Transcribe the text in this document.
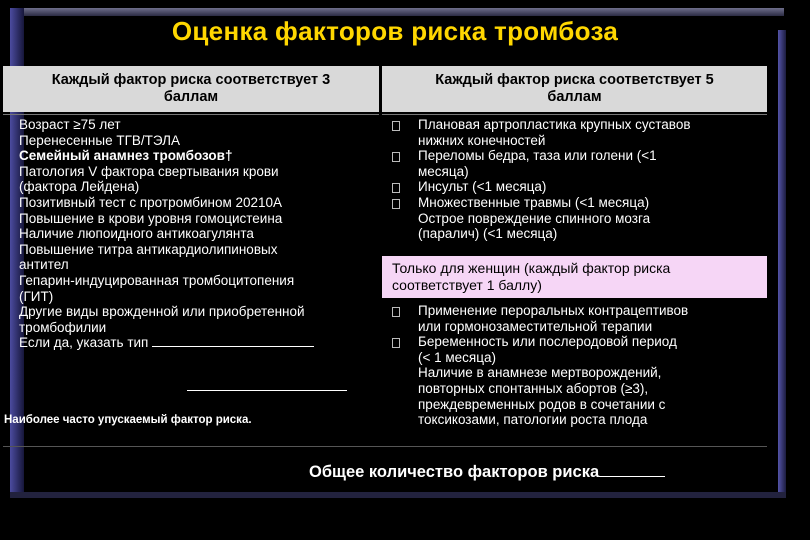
Оценка факторов риска тромбоза
Каждый фактор риска соответствует 3 баллам
Каждый фактор риска соответствует 5 баллам
Возраст ≥75 лет
Перенесенные ТГВ/ТЭЛА
Семейный анамнез тромбозов†
Патология V фактора свертывания крови
(фактора Лейдена)
Позитивный тест с протромбином 20210А
Повышение в крови уровня гомоцистеина
Наличие люпоидного антикоагулянта
Повышение титра антикардиолипиновых
антител
Гепарин-индуцированная тромбоцитопения
(ГИТ)
Другие виды врожденной или приобретенной
тромбофилии
Если да, указать тип
Наиболее часто упускаемый фактор риска.
Плановая артропластика крупных суставов
нижних конечностей
Переломы бедра, таза или голени (<1
месяца)
Инсульт (<1 месяца)
Множественные травмы (<1 месяца)
Острое повреждение спинного мозга
(паралич) (<1 месяца)
Применение пероральных контрацептивов
или гормонозаместительной терапии
Беременность или послеродовой период
(< 1 месяца)
Наличие в анамнезе мертворождений,
повторных спонтанных абортов (≥3),
преждевременных родов в сочетании с
токсикозами, патологии роста плода
Только для женщин (каждый фактор риска соответствует 1 баллу)
Общее количество факторов риска
